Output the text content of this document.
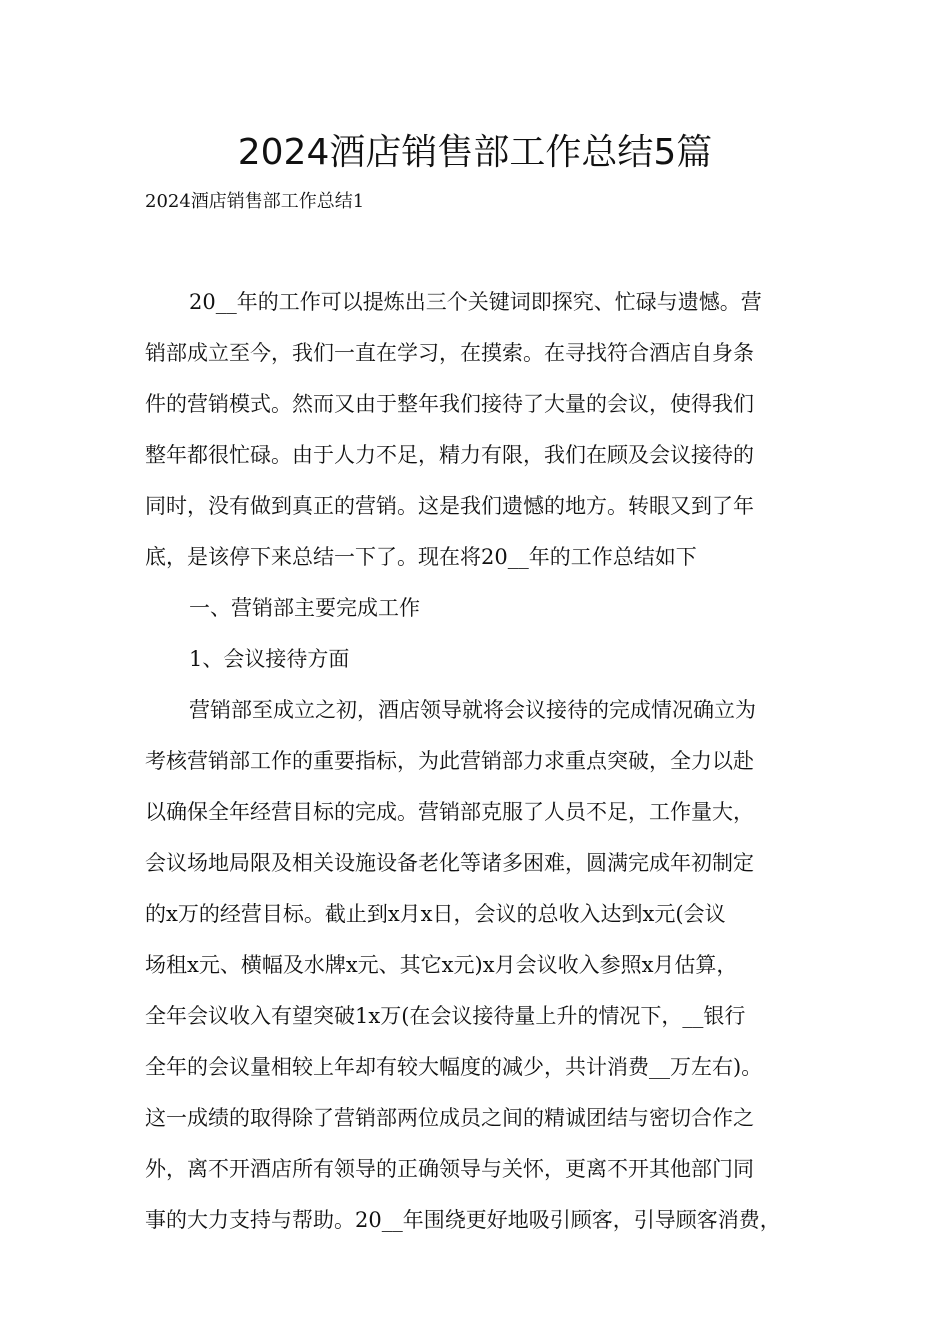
2024酒店销售部工作总结5篇

2024酒店销售部工作总结1

20__年的工作可以提炼出三个关键词即探究、忙碌与遗憾。营

销部成立至今，我们一直在学习，在摸索。在寻找符合酒店自身条

件的营销模式。然而又由于整年我们接待了大量的会议，使得我们

整年都很忙碌。由于人力不足，精力有限，我们在顾及会议接待的

同时，没有做到真正的营销。这是我们遗憾的地方。转眼又到了年

底，是该停下来总结一下了。现在将20__年的工作总结如下

一、营销部主要完成工作

1、会议接待方面

营销部至成立之初，酒店领导就将会议接待的完成情况确立为

考核营销部工作的重要指标，为此营销部力求重点突破，全力以赴

以确保全年经营目标的完成。营销部克服了人员不足，工作量大，

会议场地局限及相关设施设备老化等诸多困难，圆满完成年初制定

的x万的经营目标。截止到x月x日，会议的总收入达到x元(会议

场租x元、横幅及水牌x元、其它x元)x月会议收入参照x月估算，

全年会议收入有望突破1x万(在会议接待量上升的情况下，__银行

全年的会议量相较上年却有较大幅度的减少，共计消费__万左右)。

这一成绩的取得除了营销部两位成员之间的精诚团结与密切合作之

外，离不开酒店所有领导的正确领导与关怀，更离不开其他部门同

事的大力支持与帮助。20__年围绕更好地吸引顾客，引导顾客消费，
